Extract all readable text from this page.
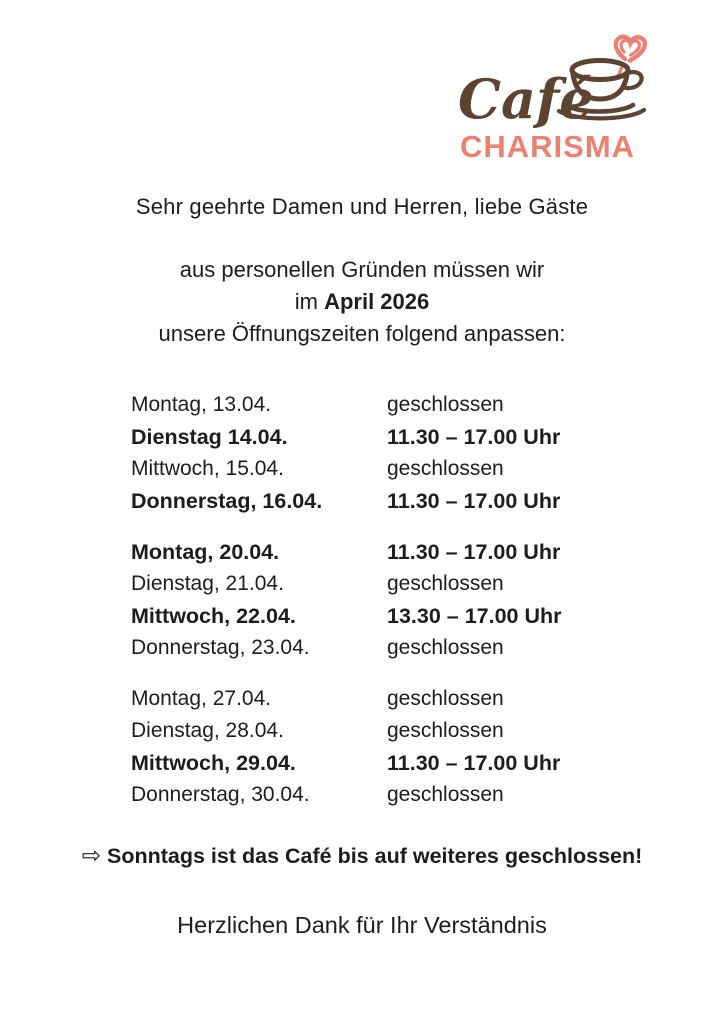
Café
CHARISMA
Sehr geehrte Damen und Herren, liebe Gäste
aus personellen Gründen müssen wir
im April 2026
unsere Öffnungszeiten folgend anpassen:
Montag, 13.04.	geschlossen
Dienstag 14.04.	11.30 – 17.00 Uhr
Mittwoch, 15.04.	geschlossen
Donnerstag, 16.04.	11.30 – 17.00 Uhr
Montag, 20.04.	11.30 – 17.00 Uhr
Dienstag, 21.04.	geschlossen
Mittwoch, 22.04.	13.30 – 17.00 Uhr
Donnerstag, 23.04.	geschlossen
Montag, 27.04.	geschlossen
Dienstag, 28.04.	geschlossen
Mittwoch, 29.04.	11.30 – 17.00 Uhr
Donnerstag, 30.04.	geschlossen
⇨ Sonntags ist das Café bis auf weiteres geschlossen!
Herzlichen Dank für Ihr Verständnis
